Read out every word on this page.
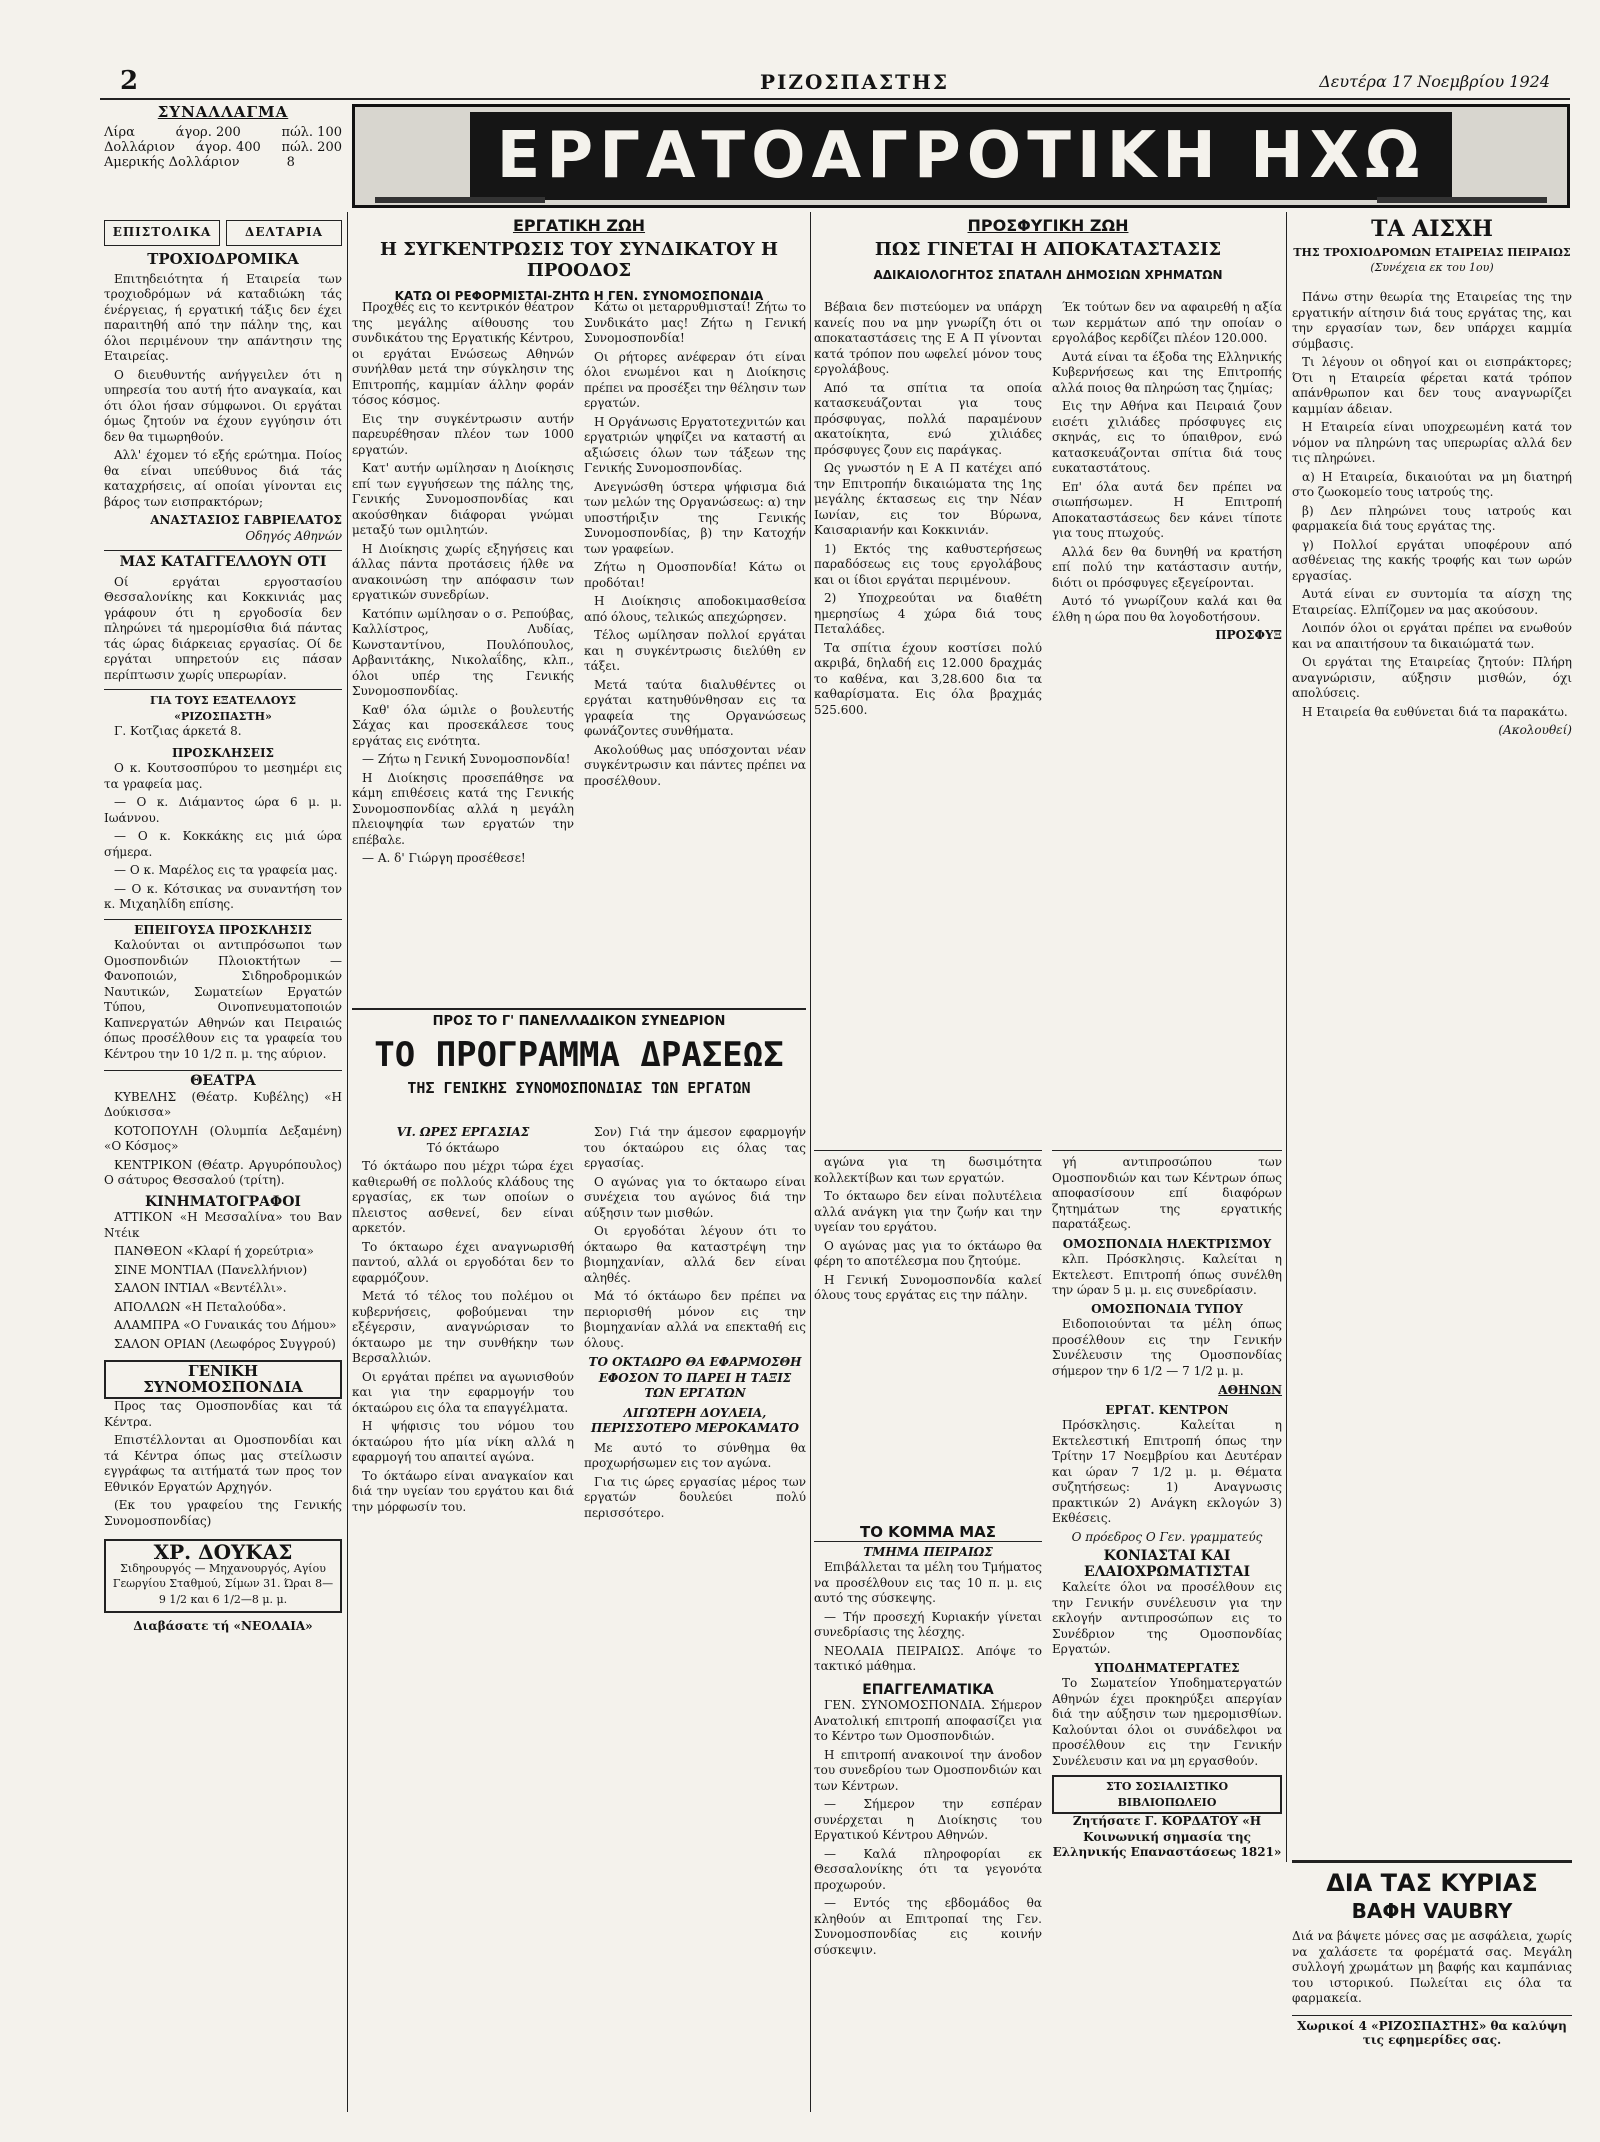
2	ΡΙΖΟΣΠΑΣΤΗΣ	Δευτέρα 17 Νοεμβρίου 1924
ΣΥΝΑΛΛΑΓΜΑ
Λίρα	άγορ. 200	πώλ. 100
Δολλάριον άγορ. 400 πώλ. 200
Αμερικής Δολλάριον	8	ΕΡΓΑΤΟΑΓΡΟΤΙΚΗ ΗΧΩ
ΕΠΙΣΤΟΛΙΚΑ	ΔΕΛΤΑΡΙΑ
ΤΡΟΧΙΟΔΡΟΜΙΚΑ

Επιτηδειότητα ή Εταιρεία των τροχιοδρόμων νά καταδιώκη τάς ένέργειας, ή εργατική τάξις δεν έχει παραιτηθή από την πάλην της, και όλοι περιμένουν την απάντησιν της Εταιρείας.

Ο διευθυντής ανήγγειλεν ότι η υπηρεσία του αυτή ήτο αναγκαία, και ότι όλοι ήσαν σύμφωνοι. Οι εργάται όμως ζητούν να έχουν εγγύησιν ότι δεν θα τιμωρηθούν.

Αλλ' έχομεν τό εξής ερώτημα. Ποίος θα είναι υπεύθυνος διά τάς καταχρήσεις, αί οποίαι γίνονται εις βάρος των εισπρακτόρων;

ΑΝΑΣΤΑΣΙΟΣ ΓΑΒΡΙΕΛΑΤΟΣ
Οδηγός Αθηνών
ΜΑΣ ΚΑΤΑΓΓΕΛΛΟΥΝ ΟΤΙ

Οί εργάται εργοστασίου Θεσσαλονίκης και Κοκκινιάς μας γράφουν ότι η εργοδοσία δεν πληρώνει τά ημερομίσθια διά πάντας τάς ώρας διάρκειας εργασίας. Οί δε εργάται υπηρετούν εις πάσαν περίπτωσιν χωρίς υπερωρίαν.

ΓΙΑ ΤΟΥΣ ΕΞΑΤΕΛΛΟΥΣ «ΡΙΖΟΣΠΑΣΤΗ»

Γ. Κοτζιας άρκετά 8.

ΠΡΟΣΚΛΗΣΕΙΣ

Ο κ. Κουτσοσπύρου το μεσημέρι εις τα γραφεία μας.

— Ο κ. Διάμαντος ώρα 6 μ. μ. Ιωάννου.

— Ο κ. Κοκκάκης εις μιά ώρα σήμερα.

— Ο κ. Μαρέλος εις τα γραφεία μας.

— Ο κ. Κότσικας να συναντήση τον κ. Μιχαηλίδη επίσης.

ΕΠΕΙΓΟΥΣΑ ΠΡΟΣΚΛΗΣΙΣ

Καλούνται οι αντιπρόσωποι των Ομοσπονδιών Πλοιοκτήτων — Φανοποιών, Σιδηροδρομικών Ναυτικών, Σωματείων Εργατών Τύπου, Οινοπνευματοποιών Καπνεργατών Αθηνών και Πειραιώς όπως προσέλθουν εις τα γραφεία του Κέντρου την 10 1/2 π. μ. της αύριον.

ΘΕΑΤΡΑ

ΚΥΒΕΛΗΣ (Θέατρ. Κυβέλης) «Η Δούκισσα»

ΚΟΤΟΠΟΥΛΗ (Ολυμπία Δεξαμένη) «Ο Κόσμος»

ΚΕΝΤΡΙΚΟΝ (Θέατρ. Αργυρόπουλος) Ο σάτυρος Θεσσαλού (τρίτη).

ΚΙΝΗΜΑΤΟΓΡΑΦΟΙ

ΑΤΤΙΚΟΝ «Η Μεσσαλίνα» του Βαν Ντέικ

ΠΑΝΘΕΟΝ «Κλαρί ή χορεύτρια»

ΣΙΝΕ ΜΟΝΤΙΑΛ (Πανελλήνιον)

ΣΑΛΟΝ ΙΝΤΙΑΛ «Βεντέλλι».

ΑΠΟΛΛΩΝ «Η Πεταλούδα».

ΑΛΑΜΠΡΑ «Ο Γυναικάς του Δήμου»

ΣΑΛΟΝ ΟΡΙΑΝ (Λεωφόρος Συγγρού)

ΓΕΝΙΚΗ ΣΥΝΟΜΟΣΠΟΝΔΙΑ

Προς τας Ομοσπονδίας και τά Κέντρα.

Επιστέλλονται αι Ομοσπονδίαι και τά Κέντρα όπως μας στείλωσιν εγγράφως τα αιτήματά των προς τον Εθνικόν Εργατών Αρχηγόν.

(Εκ του γραφείου της Γενικής Συνομοσπονδίας)

ΧΡ. ΔΟΥΚΑΣ
Σιδηρουργός — Μηχανουργός, Αγίου Γεωργίου Σταθμού, Σίμων 31. Ώραι 8—9 1/2 και 6 1/2—8 μ. μ.
Διαβάσατε τή «ΝΕΟΛΑΙΑ»
ΕΡΓΑΤΙΚΗ ΖΩΗ
Η ΣΥΓΚΕΝΤΡΩΣΙΣ ΤΟΥ ΣΥΝΔΙΚΑΤΟΥ Η ΠΡΟΟΔΟΣ
ΚΑΤΩ ΟΙ ΡΕΦΟΡΜΙΣΤΑΙ-ΖΗΤΩ Η ΓΕΝ. ΣΥΝΟΜΟΣΠΟΝΔΙΑ

Προχθές εις το κεντρικόν θέατρον της μεγάλης αίθουσης του συνδικάτου της Εργατικής Κέντρου, οι εργάται Ενώσεως Αθηνών συνήλθαν μετά την σύγκλησιν της Επιτροπής, καμμίαν άλλην φοράν τόσος κόσμος.

Εις την συγκέντρωσιν αυτήν παρευρέθησαν πλέον των 1000 εργατών.

Κατ' αυτήν ωμίλησαν η Διοίκησις επί των εγγυήσεων της πάλης της, Γενικής Συνομοσπονδίας και ακούσθηκαν διάφοραι γνώμαι μεταξύ των ομιλητών.

Η Διοίκησις χωρίς εξηγήσεις και άλλας πάντα προτάσεις ήλθε να ανακοινώση την απόφασιν των εργατικών συνεδρίων.

Κατόπιν ωμίλησαν ο σ. Ρεπούβας, Καλλίστρος, Λυδίας, Κωνσταντίνου, Πουλόπουλος, Αρβανιτάκης, Νικολαΐδης, κλπ., όλοι υπέρ της Γενικής Συνομοσπονδίας.

Καθ' όλα ώμιλε ο βουλευτής Σάχας και προσεκάλεσε τους εργάτας εις ενότητα.

— Ζήτω η Γενική Συνομοσπονδία!

Η Διοίκησις προσεπάθησε να κάμη επιθέσεις κατά της Γενικής Συνομοσπονδίας αλλά η μεγάλη πλειοψηφία των εργατών την επέβαλε.

— Α. δ' Γιώργη προσέθεσε!

Κάτω οι μεταρρυθμισταί! Ζήτω το Συνδικάτο μας! Ζήτω η Γενική Συνομοσπονδία!

Οι ρήτορες ανέφεραν ότι είναι όλοι ενωμένοι και η Διοίκησις πρέπει να προσέξει την θέλησιν των εργατών.

Η Οργάνωσις Εργατοτεχνιτών και εργατριών ψηφίζει να καταστή αι αξιώσεις όλων των τάξεων της Γενικής Συνομοσπονδίας.

Ανεγνώσθη ύστερα ψήφισμα διά των μελών της Οργανώσεως: α) την υποστήριξιν της Γενικής Συνομοσπονδίας, β) την Κατοχήν των γραφείων.

Ζήτω η Ομοσπονδία! Κάτω οι προδόται!

Η Διοίκησις αποδοκιμασθείσα από όλους, τελικώς απεχώρησεν.

Τέλος ωμίλησαν πολλοί εργάται και η συγκέντρωσις διελύθη εν τάξει.

Μετά ταύτα διαλυθέντες οι εργάται κατηυθύνθησαν εις τα γραφεία της Οργανώσεως φωνάζοντες συνθήματα.

Ακολούθως μας υπόσχονται νέαν συγκέντρωσιν και πάντες πρέπει να προσέλθουν.

ΠΡΟΣΦΥΓΙΚΗ ΖΩΗ
ΠΩΣ ΓΙΝΕΤΑΙ Η ΑΠΟΚΑΤΑΣΤΑΣΙΣ
ΑΔΙΚΑΙΟΛΟΓΗΤΟΣ ΣΠΑΤΑΛΗ ΔΗΜΟΣΙΩΝ ΧΡΗΜΑΤΩΝ

Βέβαια δεν πιστεύομεν να υπάρχη κανείς που να μην γνωρίζη ότι οι αποκαταστάσεις της Ε Α Π γίνονται κατά τρόπον που ωφελεί μόνον τους εργολάβους.

Από τα σπίτια τα οποία κατασκευάζονται για τους πρόσφυγας, πολλά παραμένουν ακατοίκητα, ενώ χιλιάδες πρόσφυγες ζουν εις παράγκας.

Ως γνωστόν η Ε Α Π κατέχει από την Επιτροπήν δικαιώματα της 1ης μεγάλης έκτασεως εις την Νέαν Ιωνίαν, εις τον Βύρωνα, Καισαριανήν και Κοκκινιάν.

1) Εκτός της καθυστερήσεως παραδόσεως εις τους εργολάβους και οι ίδιοι εργάται περιμένουν.

2) Υποχρεούται να διαθέτη ημερησίως 4 χώρα διά τους Πεταλάδες.

Τα σπίτια έχουν κοστίσει πολύ ακριβά, δηλαδή εις 12.000 δραχμάς το καθένα, και 3,28.600 δια τα καθαρίσματα. Εις όλα βραχμάς 525.600.

Έκ τούτων δεν να αφαιρεθή η αξία των κερμάτων από την οποίαν ο εργολάβος κερδίζει πλέον 120.000.

Αυτά είναι τα έξοδα της Ελληνικής Κυβερνήσεως και της Επιτροπής αλλά ποιος θα πληρώση τας ζημίας;

Εις την Αθήνα και Πειραιά ζουν εισέτι χιλιάδες πρόσφυγες εις σκηνάς, εις το ύπαιθρον, ενώ κατασκευάζονται σπίτια διά τους ευκαταστάτους.

Επ' όλα αυτά δεν πρέπει να σιωπήσωμεν. Η Επιτροπή Αποκαταστάσεως δεν κάνει τίποτε για τους πτωχούς.

Αλλά δεν θα δυνηθή να κρατήση επί πολύ την κατάστασιν αυτήν, διότι οι πρόσφυγες εξεγείρονται.

Αυτό τό γνωρίζουν καλά και θα έλθη η ώρα που θα λογοδοτήσουν.

ΠΡΟΣΦΥΞ
ΤΑ ΑΙΣΧΗ
ΤΗΣ ΤΡΟΧΙΟΔΡΟΜΩΝ ΕΤΑΙΡΕΙΑΣ ΠΕΙΡΑΙΩΣ
(Συνέχεια εκ του 1ου)

Πάνω στην θεωρία της Εταιρείας της την εργατικήν αίτησιν διά τους εργάτας της, και την εργασίαν των, δεν υπάρχει καμμία σύμβασις.

Τι λέγουν οι οδηγοί και οι εισπράκτορες; Ότι η Εταιρεία φέρεται κατά τρόπον απάνθρωπον και δεν τους αναγνωρίζει καμμίαν άδειαν.

Η Εταιρεία είναι υποχρεωμένη κατά τον νόμον να πληρώνη τας υπερωρίας αλλά δεν τις πληρώνει.

α) Η Εταιρεία, δικαιούται να μη διατηρή στο ζωοκομείο τους ιατρούς της.

β) Δεν πληρώνει τους ιατρούς και φαρμακεία διά τους εργάτας της.

γ) Πολλοί εργάται υποφέρουν από ασθένειας της κακής τροφής και των ωρών εργασίας.

Αυτά είναι εν συντομία τα αίσχη της Εταιρείας. Ελπίζομεν να μας ακούσουν.

Λοιπόν όλοι οι εργάται πρέπει να ενωθούν και να απαιτήσουν τα δικαιώματά των.

Οι εργάται της Εταιρείας ζητούν: Πλήρη αναγνώρισιν, αύξησιν μισθών, όχι απολύσεις.

Η Εταιρεία θα ευθύνεται διά τα παρακάτω.

(Ακολουθεί)
ΠΡΟΣ ΤΟ Γ' ΠΑΝΕΛΛΑΔΙΚΟΝ ΣΥΝΕΔΡΙΟΝ
ΤΟ ΠΡΟΓΡΑΜΜΑ ΔΡΑΣΕΩΣ
ΤΗΣ ΓΕΝΙΚΗΣ ΣΥΝΟΜΟΣΠΟΝΔΙΑΣ ΤΩΝ ΕΡΓΑΤΩΝ
VI. ΩΡΕΣ ΕΡΓΑΣΙΑΣ
Τό όκτάωρο

Τό όκτάωρο που μέχρι τώρα έχει καθιερωθή σε πολλούς κλάδους της εργασίας, εκ των οποίων ο πλειστος ασθενεί, δεν είναι αρκετόν.

Το όκταωρο έχει αναγνωρισθή παντού, αλλά οι εργοδόται δεν το εφαρμόζουν.

Μετά τό τέλος του πολέμου οι κυβερνήσεις, φοβούμεναι την εξέγερσιν, αναγνώρισαν το όκταωρο με την συνθήκην των Βερσαλλιών.

Οι εργάται πρέπει να αγωνισθούν και για την εφαρμογήν του όκταώρου εις όλα τα επαγγέλματα.

Η ψήφισις του νόμου του όκταώρου ήτο μία νίκη αλλά η εφαρμογή του απαιτεί αγώνα.

Το όκτάωρο είναι αναγκαίον και διά την υγείαν του εργάτου και διά την μόρφωσίν του.

Σον) Γιά την άμεσον εφαρμογήν του όκταώρου εις όλας τας εργασίας.

Ο αγώνας για το όκταωρο είναι συνέχεια του αγώνος διά την αύξησιν των μισθών.

Οι εργοδόται λέγουν ότι το όκταωρο θα καταστρέψη την βιομηχανίαν, αλλά δεν είναι αληθές.

Μά τό όκτάωρο δεν πρέπει να περιορισθή μόνον εις την βιομηχανίαν αλλά να επεκταθή εις όλους.

ΤΟ ΟΚΤΑΩΡΟ ΘΑ ΕΦΑΡΜΟΣΘΗ ΕΦΟΣΟΝ ΤΟ ΠΑΡΕΙ Η ΤΑΞΙΣ ΤΩΝ ΕΡΓΑΤΩΝ
ΛΙΓΩΤΕΡΗ ΔΟΥΛΕΙΑ, ΠΕΡΙΣΣΟΤΕΡΟ ΜΕΡΟΚΑΜΑΤΟ

Με αυτό το σύνθημα θα προχωρήσωμεν εις τον αγώνα.

Για τις ώρες εργασίας μέρος των εργατών δουλεύει πολύ περισσότερο.

αγώνα για τη δωσιμότητα κολλεκτίβων και των εργατών.

Το όκταωρο δεν είναι πολυτέλεια αλλά ανάγκη για την ζωήν και την υγείαν του εργάτου.

Ο αγώνας μας για το όκτάωρο θα φέρη το αποτέλεσμα που ζητούμε.

Η Γενική Συνομοσπονδία καλεί όλους τους εργάτας εις την πάλην.

ΤΟ ΚΟΜΜΑ ΜΑΣ
ΤΜΗΜΑ ΠΕΙΡΑΙΩΣ

Επιβάλλεται τα μέλη του Τμήματος να προσέλθουν εις τας 10 π. μ. εις αυτό της σύσκεψης.

— Τήν προσεχή Κυριακήν γίνεται συνεδρίασις της λέσχης.

ΝΕΟΛΑΙΑ ΠΕΙΡΑΙΩΣ. Απόψε το τακτικό μάθημα.

ΕΠΑΓΓΕΛΜΑΤΙΚΑ

ΓΕΝ. ΣΥΝΟΜΟΣΠΟΝΔΙΑ. Σήμερον Ανατολική επιτροπή αποφασίζει για το Κέντρο των Ομοσπονδιών.

Η επιτροπή ανακοινοί την άνοδον του συνεδρίου των Ομοσπονδιών και των Κέντρων.

— Σήμερον την εσπέραν συνέρχεται η Διοίκησις του Εργατικού Κέντρου Αθηνών.

— Καλά πληροφορίαι εκ Θεσσαλονίκης ότι τα γεγονότα προχωρούν.

— Εντός της εβδομάδος θα κληθούν αι Επιτροπαί της Γεν. Συνομοσπονδίας εις κοινήν σύσκεψιν.

γή αντιπροσώπου των Ομοσπονδιών και των Κέντρων όπως αποφασίσουν επί διαφόρων ζητημάτων της εργατικής παρατάξεως.

ΟΜΟΣΠΟΝΔΙΑ ΗΛΕΚΤΡΙΣΜΟΥ

κλπ. Πρόσκλησις. Καλείται η Εκτελεστ. Επιτροπή όπως συνέλθη την ώραν 5 μ. μ. εις συνεδρίασιν.

ΟΜΟΣΠΟΝΔΙΑ ΤΥΠΟΥ

Ειδοποιούνται τα μέλη όπως προσέλθουν εις την Γενικήν Συνέλευσιν της Ομοσπονδίας σήμερον την 6 1/2 — 7 1/2 μ. μ.

ΑΘΗΝΩΝ
ΕΡΓΑΤ. ΚΕΝΤΡΟΝ

Πρόσκλησις. Καλείται η Εκτελεστική Επιτροπή όπως την Τρίτην 17 Νοεμβρίου και Δευτέραν και ώραν 7 1/2 μ. μ. Θέματα συζητήσεως: 1) Αναγνωσις πρακτικών 2) Ανάγκη εκλογών 3) Εκθέσεις.

Ο πρόεδρος Ο Γεν. γραμματεύς
ΚΟΝΙΑΣΤΑΙ ΚΑΙ ΕΛΑΙΟΧΡΩΜΑΤΙΣΤΑΙ

Καλείτε όλοι να προσέλθουν εις την Γενικήν συνέλευσιν για την εκλογήν αντιπροσώπων εις το Συνέδριον της Ομοσπονδίας Εργατών.

ΥΠΟΔΗΜΑΤΕΡΓΑΤΕΣ

Το Σωματείον Υποδηματεργατών Αθηνών έχει προκηρύξει απεργίαν διά την αύξησιν των ημερομισθίων. Καλούνται όλοι οι συνάδελφοι να προσέλθουν εις την Γενικήν Συνέλευσιν και να μη εργασθούν.

ΣΤΟ ΣΟΣΙΑΛΙΣΤΙΚΟ ΒΙΒΛΙΟΠΩΛΕΙΟ
Ζητήσατε Γ. ΚΟΡΔΑΤΟΥ «Η Κοινωνική σημασία της Ελληνικής Επαναστάσεως 1821»
ΔΙΑ ΤΑΣ ΚΥΡΙΑΣ
ΒΑΦΗ VAUBRY
Διά να βάψετε μόνες σας με ασφάλεια, χωρίς να χαλάσετε τα φορέματά σας. Μεγάλη συλλογή χρωμάτων μη βαφής και καμπάνιας του ιστορικού. Πωλείται εις όλα τα φαρμακεία.
Χωρικοί 4 «ΡΙΖΟΣΠΑΣΤΗΣ» θα καλύψη τις εφημερίδες σας.
